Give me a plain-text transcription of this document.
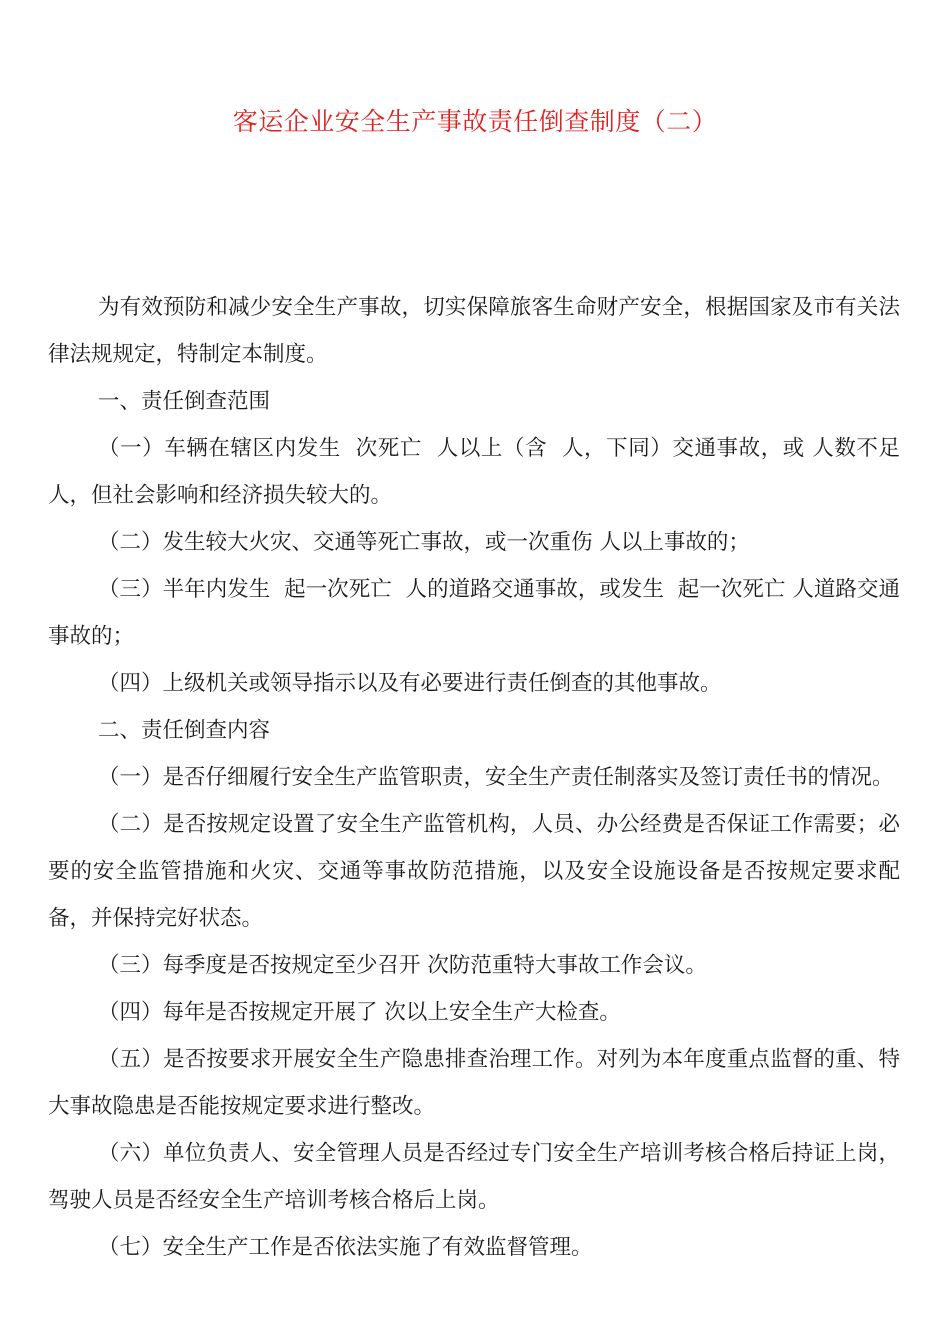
客运企业安全生产事故责任倒查制度（二）

为有效预防和减少安全生产事故，切实保障旅客生命财产安全，根据国家及市有关法律法规规定，特制定本制度。

一、责任倒查范围

（一）车辆在辖区内发生  次死亡  人以上（含  人，下同）交通事故，或 人数不足 人，但社会影响和经济损失较大的。

（二）发生较大火灾、交通等死亡事故，或一次重伤 人以上事故的；

（三）半年内发生  起一次死亡  人的道路交通事故，或发生  起一次死亡 人道路交通事故的；

（四）上级机关或领导指示以及有必要进行责任倒查的其他事故。

二、责任倒查内容

（一）是否仔细履行安全生产监管职责，安全生产责任制落实及签订责任书的情况。

（二）是否按规定设置了安全生产监管机构，人员、办公经费是否保证工作需要；必要的安全监管措施和火灾、交通等事故防范措施，以及安全设施设备是否按规定要求配备，并保持完好状态。

（三）每季度是否按规定至少召开 次防范重特大事故工作会议。

（四）每年是否按规定开展了 次以上安全生产大检查。

（五）是否按要求开展安全生产隐患排查治理工作。对列为本年度重点监督的重、特大事故隐患是否能按规定要求进行整改。

（六）单位负责人、安全管理人员是否经过专门安全生产培训考核合格后持证上岗，驾驶人员是否经安全生产培训考核合格后上岗。

（七）安全生产工作是否依法实施了有效监督管理。
